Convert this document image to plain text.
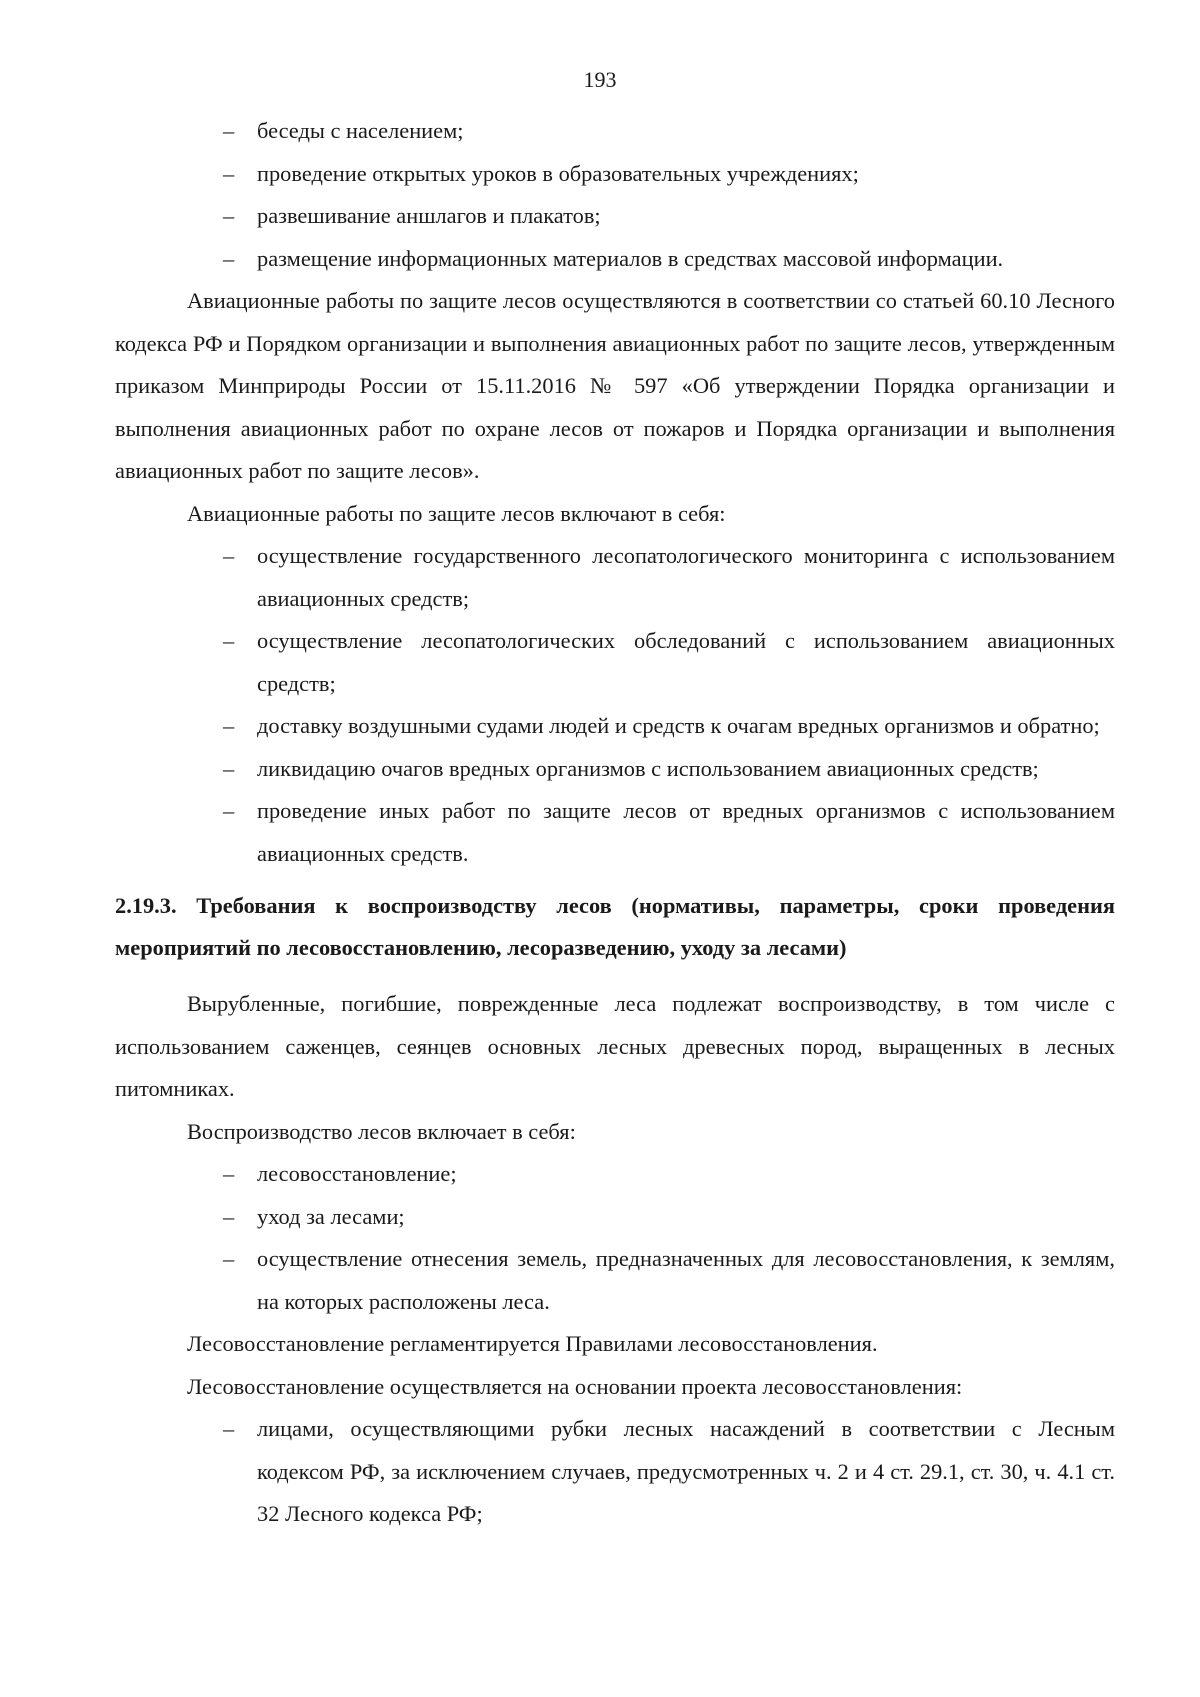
193
– беседы с населением;
– проведение открытых уроков в образовательных учреждениях;
– развешивание аншлагов и плакатов;
– размещение информационных материалов в средствах массовой информации.

Авиационные работы по защите лесов осуществляются в соответствии со статьей 60.10 Лесного кодекса РФ и Порядком организации и выполнения авиационных работ по защите лесов, утвержденным приказом Минприроды России от 15.11.2016 № 597 «Об утверждении Порядка организации и выполнения авиационных работ по охране лесов от пожаров и Порядка организации и выполнения авиационных работ по защите лесов».

Авиационные работы по защите лесов включают в себя:

– осуществление государственного лесопатологического мониторинга с использованием авиационных средств;
– осуществление лесопатологических обследований с использованием авиационных средств;
– доставку воздушными судами людей и средств к очагам вредных организмов и обратно;
– ликвидацию очагов вредных организмов с использованием авиационных средств;
– проведение иных работ по защите лесов от вредных организмов с использованием авиационных средств.

2.19.3. Требования к воспроизводству лесов (нормативы, параметры, сроки проведения мероприятий по лесовосстановлению, лесоразведению, уходу за лесами)

Вырубленные, погибшие, поврежденные леса подлежат воспроизводству, в том числе с использованием саженцев, сеянцев основных лесных древесных пород, выращенных в лесных питомниках.

Воспроизводство лесов включает в себя:

– лесовосстановление;
– уход за лесами;
– осуществление отнесения земель, предназначенных для лесовосстановления, к землям, на которых расположены леса.

Лесовосстановление регламентируется Правилами лесовосстановления.

Лесовосстановление осуществляется на основании проекта лесовосстановления:

– лицами, осуществляющими рубки лесных насаждений в соответствии с Лесным кодексом РФ, за исключением случаев, предусмотренных ч. 2 и 4 ст. 29.1, ст. 30, ч. 4.1 ст. 32 Лесного кодекса РФ;
